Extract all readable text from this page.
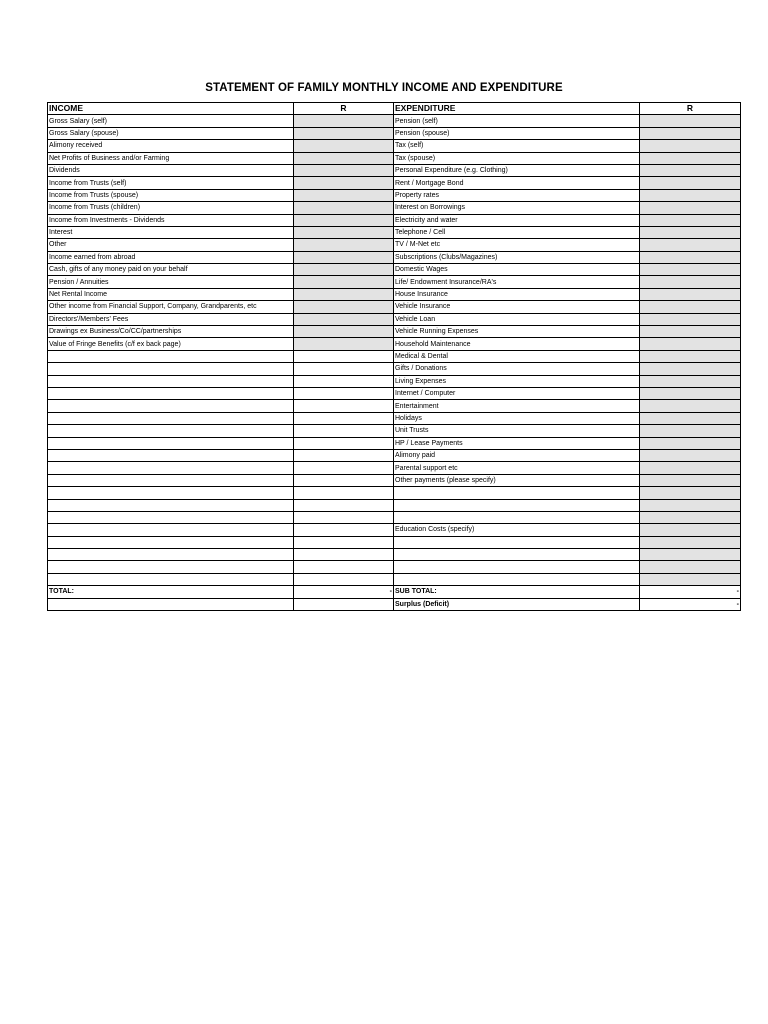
STATEMENT OF FAMILY MONTHLY INCOME AND EXPENDITURE
INCOME	R	EXPENDITURE	R
Gross Salary (self)		Pension (self)	
Gross Salary (spouse)		Pension (spouse)	
Alimony received		Tax (self)	
Net Profits of Business and/or Farming		Tax (spouse)	
Dividends		Personal Expenditure (e.g. Clothing)	
Income from Trusts (self)		Rent / Mortgage Bond	
Income from Trusts (spouse)		Property rates	
Income from Trusts (children)		Interest on Borrowings	
Income from Investments - Dividends		Electricity and water	
Interest		Telephone / Cell	
Other		TV / M-Net etc	
Income earned from abroad		Subscriptions (Clubs/Magazines)	
Cash, gifts of any money paid on your behalf		Domestic Wages	
Pension / Annuities		Life/ Endowment Insurance/RA's	
Net Rental Income		House Insurance	
Other income from Financial Support, Company, Grandparents, etc		Vehicle Insurance	
Directors'/Members' Fees		Vehicle Loan	
Drawings ex Business/Co/CC/partnerships		Vehicle Running Expenses	
Value of Fringe Benefits (c/f ex back page)		Household Maintenance	
		Medical & Dental	
		Gifts / Donations	
		Living Expenses	
		Internet / Computer	
		Entertainment	
		Holidays	
		Unit Trusts	
		HP / Lease Payments	
		Alimony paid	
		Parental support etc	
		Other payments (please specify)	

		Education Costs (specify)	

TOTAL:	-	SUB TOTAL:	-
		Surplus (Deficit)	-
